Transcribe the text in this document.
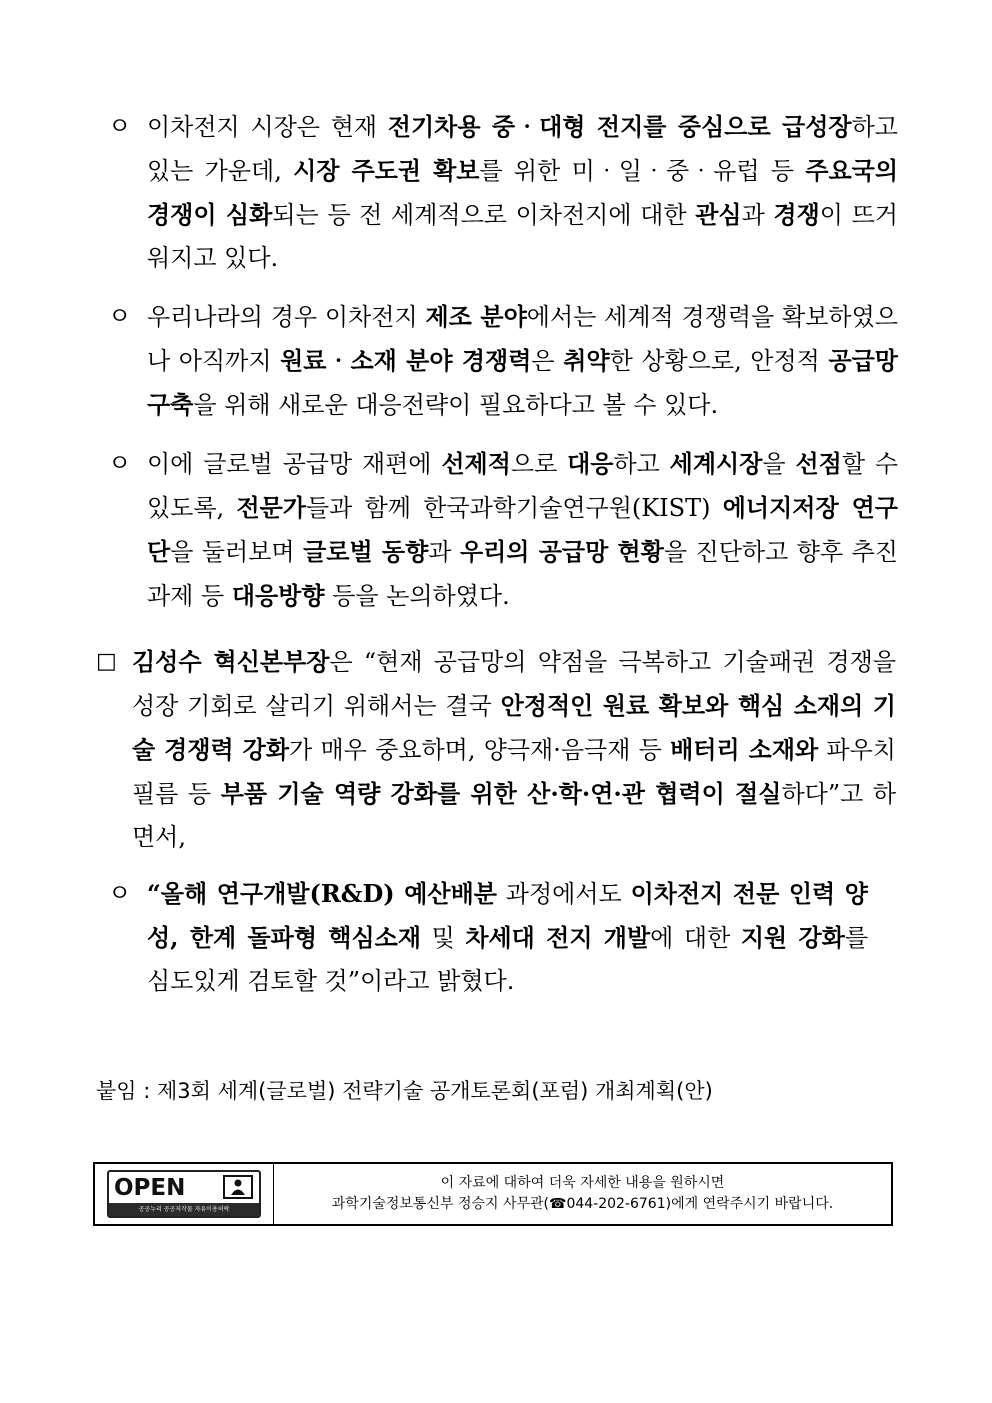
ㅇ 이차전지 시장은 현재 전기차용 중‧대형 전지를 중심으로 급성장하고 있는 가운데, 시장 주도권 확보를 위한 미‧일‧중‧유럽 등 주요국의 경쟁이 심화되는 등 전 세계적으로 이차전지에 대한 관심과 경쟁이 뜨거워지고 있다.
ㅇ 우리나라의 경우 이차전지 제조 분야에서는 세계적 경쟁력을 확보하였으나 아직까지 원료‧소재 분야 경쟁력은 취약한 상황으로, 안정적 공급망 구축을 위해 새로운 대응전략이 필요하다고 볼 수 있다.
ㅇ 이에 글로벌 공급망 재편에 선제적으로 대응하고 세계시장을 선점할 수 있도록, 전문가들과 함께 한국과학기술연구원(KIST) 에너지저장 연구단을 둘러보며 글로벌 동향과 우리의 공급망 현황을 진단하고 향후 추진과제 등 대응방향 등을 논의하였다.
□ 김성수 혁신본부장은 “현재 공급망의 약점을 극복하고 기술패권 경쟁을 성장 기회로 살리기 위해서는 결국 안정적인 원료 확보와 핵심 소재의 기술 경쟁력 강화가 매우 중요하며, 양극재·음극재 등 배터리 소재와 파우치 필름 등 부품 기술 역량 강화를 위한 산·학·연·관 협력이 절실하다”고 하면서,
ㅇ “올해 연구개발(R&D) 예산배분 과정에서도 이차전지 전문 인력 양성, 한계 돌파형 핵심소재 및 차세대 전지 개발에 대한 지원 강화를 심도있게 검토할 것”이라고 밝혔다.
붙임 : 제3회 세계(글로벌) 전략기술 공개토론회(포럼) 개최계획(안)
OPEN
공공누리 공공저작물 자유이용허락
이 자료에 대하여 더욱 자세한 내용을 원하시면
과학기술정보통신부 정승지 사무관(☎044-202-6761)에게 연락주시기 바랍니다.
